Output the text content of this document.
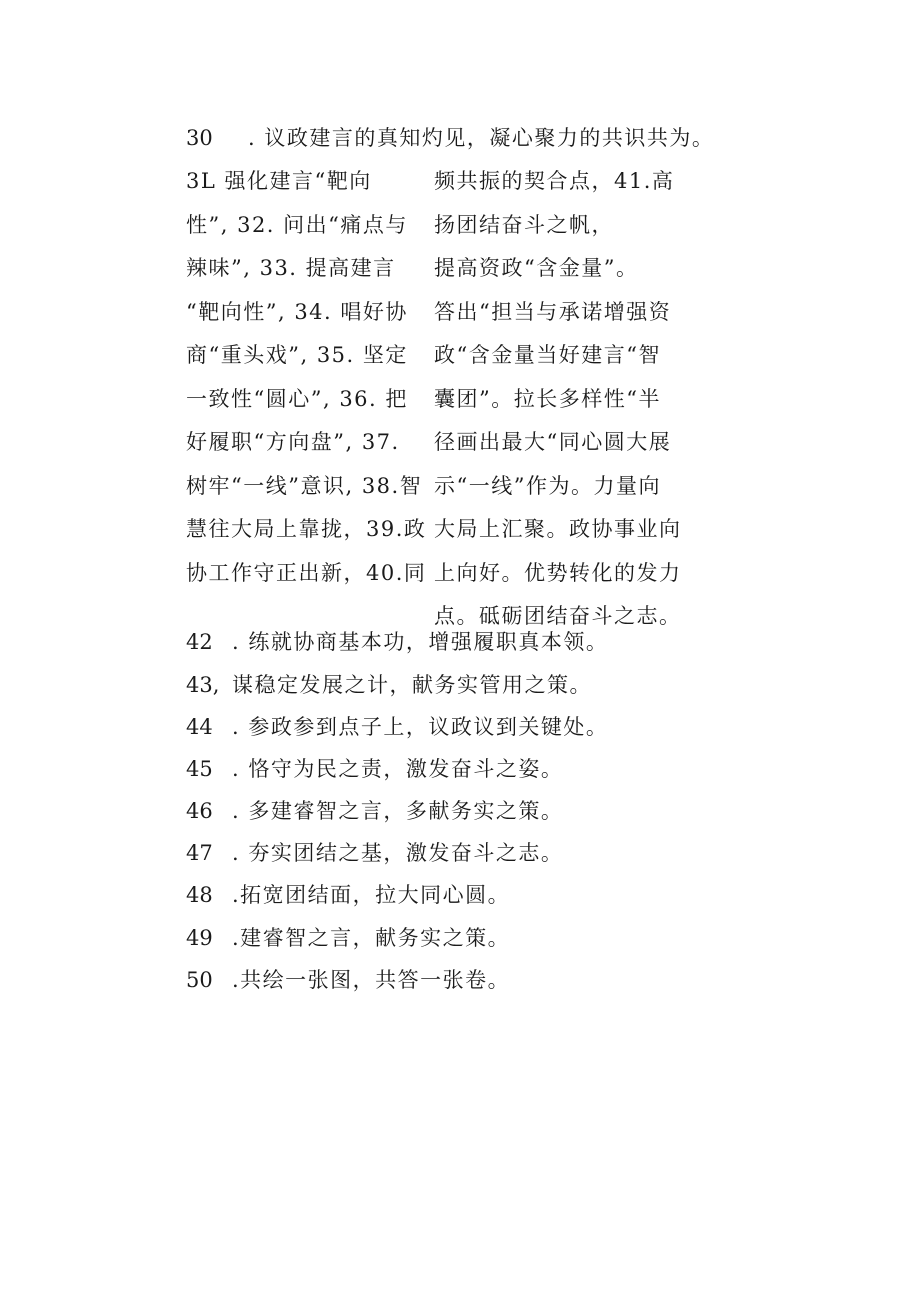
30 . 议政建言的真知灼见，凝心聚力的共识共为。
3L 强化建言“靶向
性”, 32. 问出“痛点与
辣味”, 33. 提高建言
“靶向性”, 34. 唱好协
商“重头戏”, 35. 坚定
一致性“圆心”, 36. 把
好履职“方向盘”, 37.
树牢“一线”意识, 38.智
慧往大局上靠拢，39.政
协工作守正出新，40.同
频共振的契合点，41.高
扬团结奋斗之帆，
提高资政“含金量”。
答出“担当与承诺增强资
政“含金量当好建言“智
囊团”。拉长多样性“半
径画出最大“同心圆大展
示“一线”作为。力量向
大局上汇聚。政协事业向
上向好。优势转化的发力
点。砥砺团结奋斗之志。
42 . 练就协商基本功，增强履职真本领。
43, 谋稳定发展之计，献务实管用之策。
44 . 参政参到点子上，议政议到关键处。
45 . 恪守为民之责，激发奋斗之姿。
46 . 多建睿智之言，多献务实之策。
47 . 夯实团结之基，激发奋斗之志。
48 .拓宽团结面，拉大同心圆。
49 .建睿智之言，献务实之策。
50 .共绘一张图，共答一张卷。
